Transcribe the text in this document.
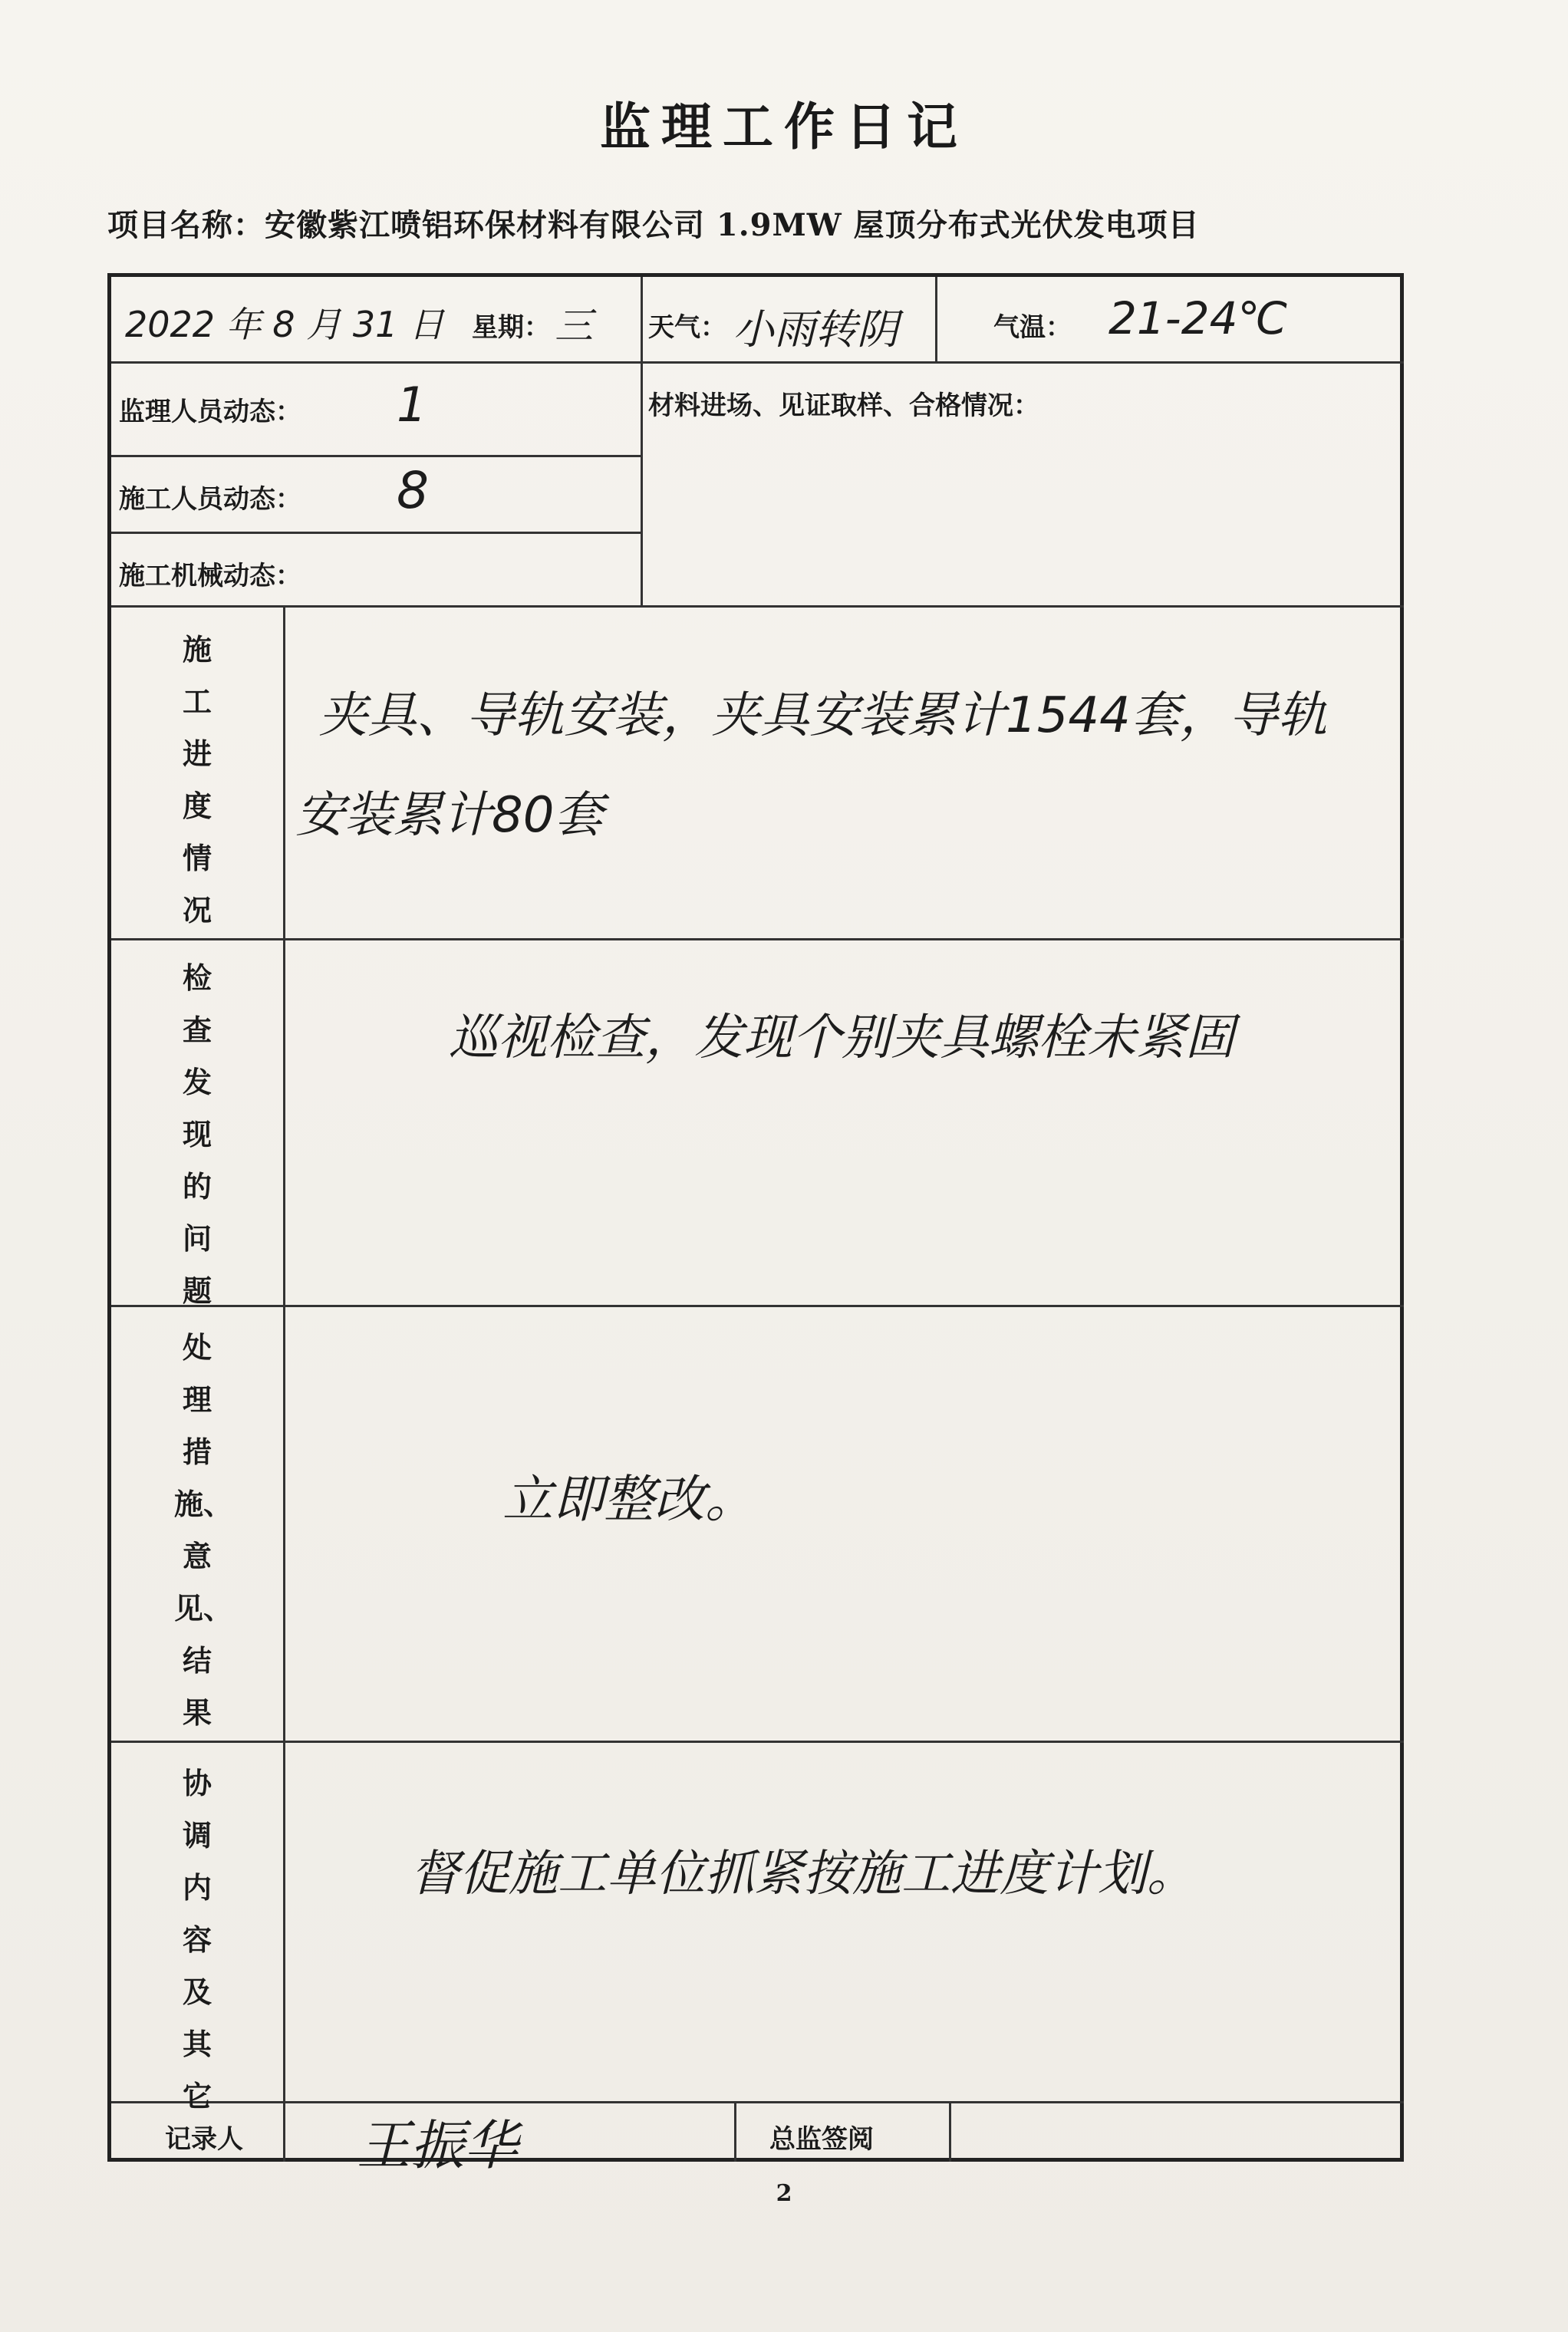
监理工作日记
项目名称：安徽紫江喷铝环保材料有限公司 1.9MW 屋顶分布式光伏发电项目
2022 年 8 月 31 日 星期： 三 天气： 小雨转阴	气温： 21-24℃
监理人员动态： 1
施工人员动态： 8
施工机械动态：
材料进场、见证取样、合格情况：
施
工
进
度
情
况
夹具、导轨安装，夹具安装累计1544套，导轨
安装累计80套
检
查
发
现
的
问
题
巡视检查，发现个别夹具螺栓未紧固
处
理
措
施、
意
见、
结
果
立即整改。
协
调
内
容
及
其
它
督促施工单位抓紧按施工进度计划。
记录人 王振华	总监签阅
2
